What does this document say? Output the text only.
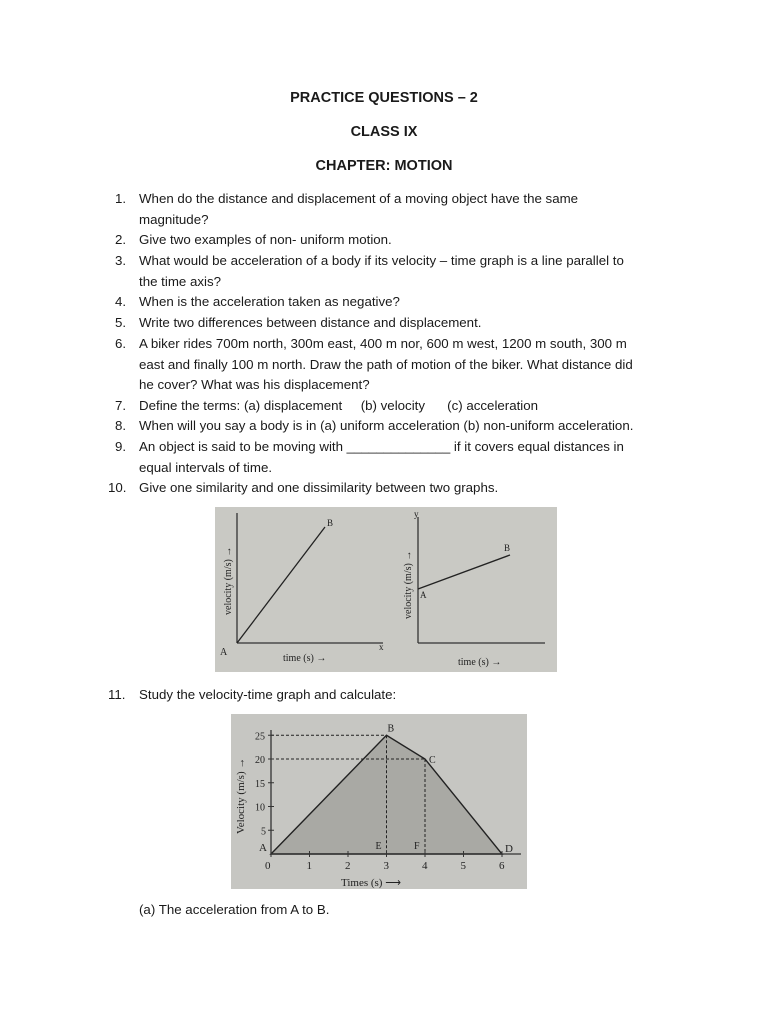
PRACTICE QUESTIONS – 2
CLASS IX
CHAPTER: MOTION
1. When do the distance and displacement of a moving object have the same
magnitude?
2. Give two examples of non- uniform motion.
3. What would be acceleration of a body if its velocity – time graph is a line parallel to
the time axis?
4. When is the acceleration taken as negative?
5. Write two differences between distance and displacement.
6. A biker rides 700m north, 300m east, 400 m nor, 600 m west, 1200 m south, 300 m
east and finally 100 m north. Draw the path of motion of the biker. What distance did
he cover? What was his displacement?
7. Define the terms: (a) displacement     (b) velocity      (c) acceleration
8. When will you say a body is in (a) uniform acceleration (b) non-uniform acceleration.
9. An object is said to be moving with ______________ if it covers equal distances in
equal intervals of time.
10. Give one similarity and one dissimilarity between two graphs.
A
B
x
time (s) →
velocity (m/s) →
y
A
B
time (s) →
velocity (m/s) →
11. Study the velocity-time graph and calculate:
0	1	2	3	4	5	6
5
10
15
20
25
A
B
C
D
E	F
Times (s) ⟶
Velocity (m/s) →
(a) The acceleration from A to B.
